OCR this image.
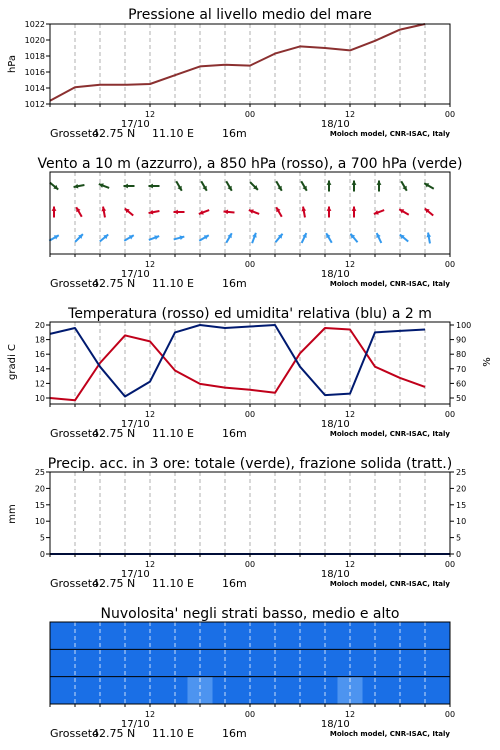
Pressione al livello medio del mare
hPa
1012
1014
1016
1018
1020
1022
12	00	12	00
17/10	18/10
Grosseto
42.75 N 11.10 E	16m	Moloch model, CNR-ISAC, Italy
Vento a 10 m (azzurro), a 850 hPa (rosso), a 700 hPa (verde)
12	00	12	00
17/10	18/10
Grosseto
42.75 N 11.10 E	16m	Moloch model, CNR-ISAC, Italy
Temperatura (rosso) ed umidita' relativa (blu) a 2 m
gradi C	%
10
12
14
16
18
20
50
60
70
80
90
100
12	00	12	00
17/10	18/10
Grosseto
42.75 N 11.10 E	16m	Moloch model, CNR-ISAC, Italy
Precip. acc. in 3 ore: totale (verde), frazione solida (tratt.)
mm
0
5
10
15
20
25
0
5
10
15
20
25
12	00	12	00
17/10	18/10
Grosseto
42.75 N 11.10 E	16m	Moloch model, CNR-ISAC, Italy
Nuvolosita' negli strati basso, medio e alto
12	00	12	00
17/10	18/10
Grosseto
42.75 N 11.10 E	16m	Moloch model, CNR-ISAC, Italy
